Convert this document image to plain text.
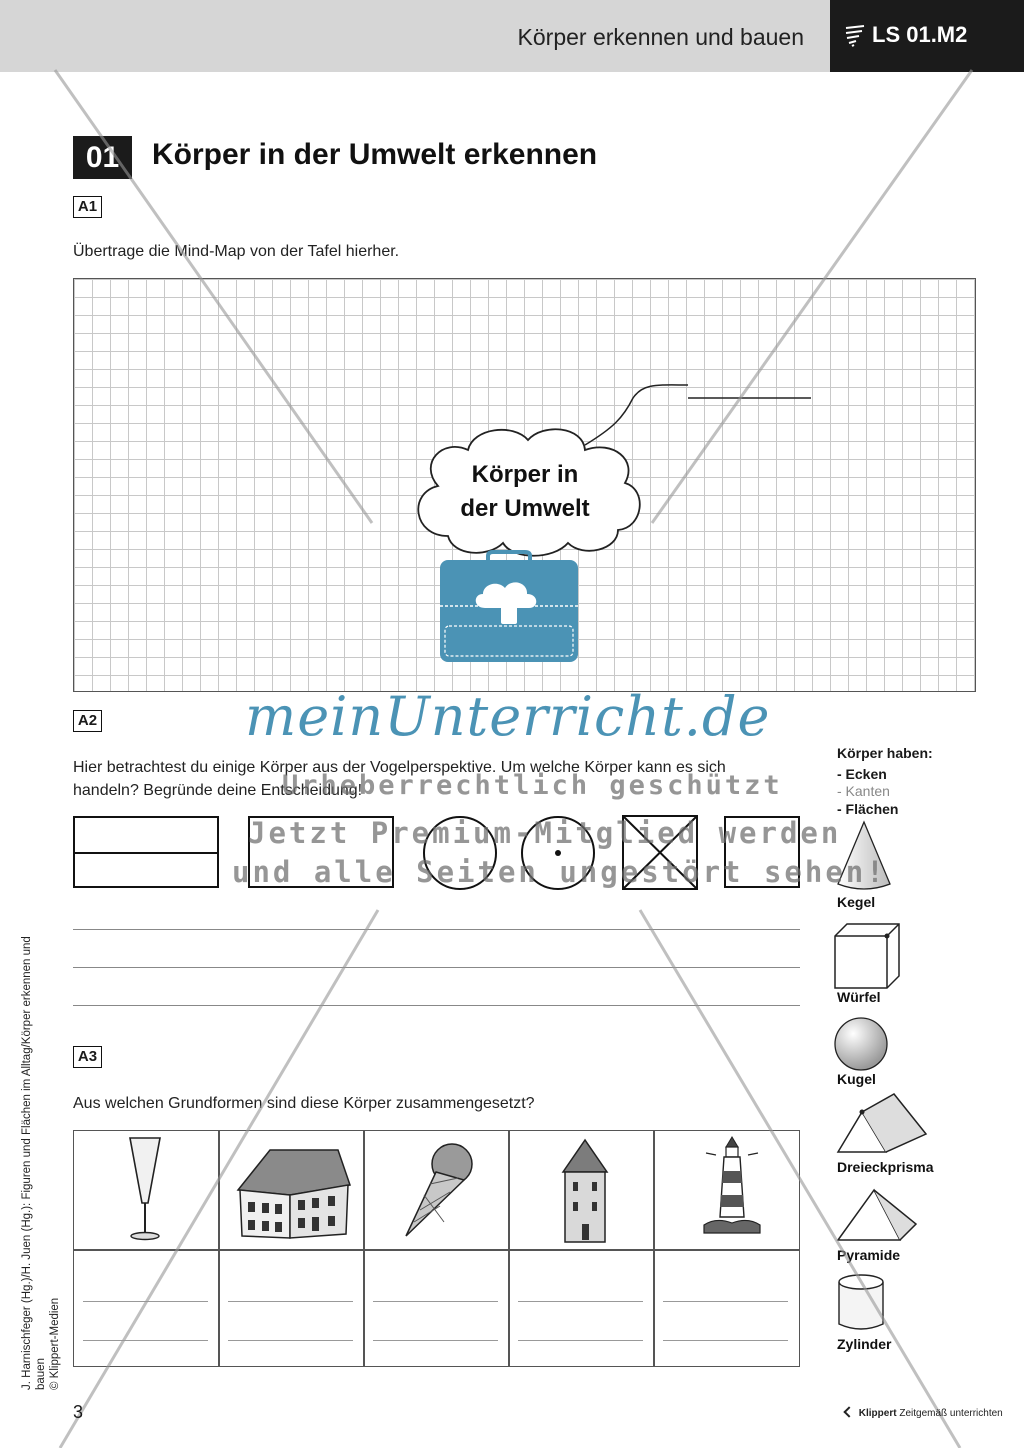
Körper erkennen und bauen	LS 01.M2
01	Körper in der Umwelt erkennen
A1
Übertrage die Mind-Map von der Tafel hierher.
Körper in
der Umwelt
A2
Hier betrachtest du einige Körper aus der Vogelperspektive. Um welche Körper kann es sich
handeln? Begründe deine Entscheidung!
A3
Aus welchen Grundformen sind diese Körper zusammengesetzt?
Körper haben:
- Ecken
- Kanten
- Flächen
Kegel
Würfel
Kugel
Dreieckprisma
Pyramide
Zylinder
meinUnterricht.de
Urheberrechtlich geschützt
Jetzt Premium-Mitglied werden
und alle Seiten ungestört sehen!
J. Harnischfeger (Hg.)/H. Juen (Hg.): Figuren und Flächen im Alltag/Körper erkennen und bauen © Klippert-Medien
3	Klippert Zeitgemäß unterrichten
